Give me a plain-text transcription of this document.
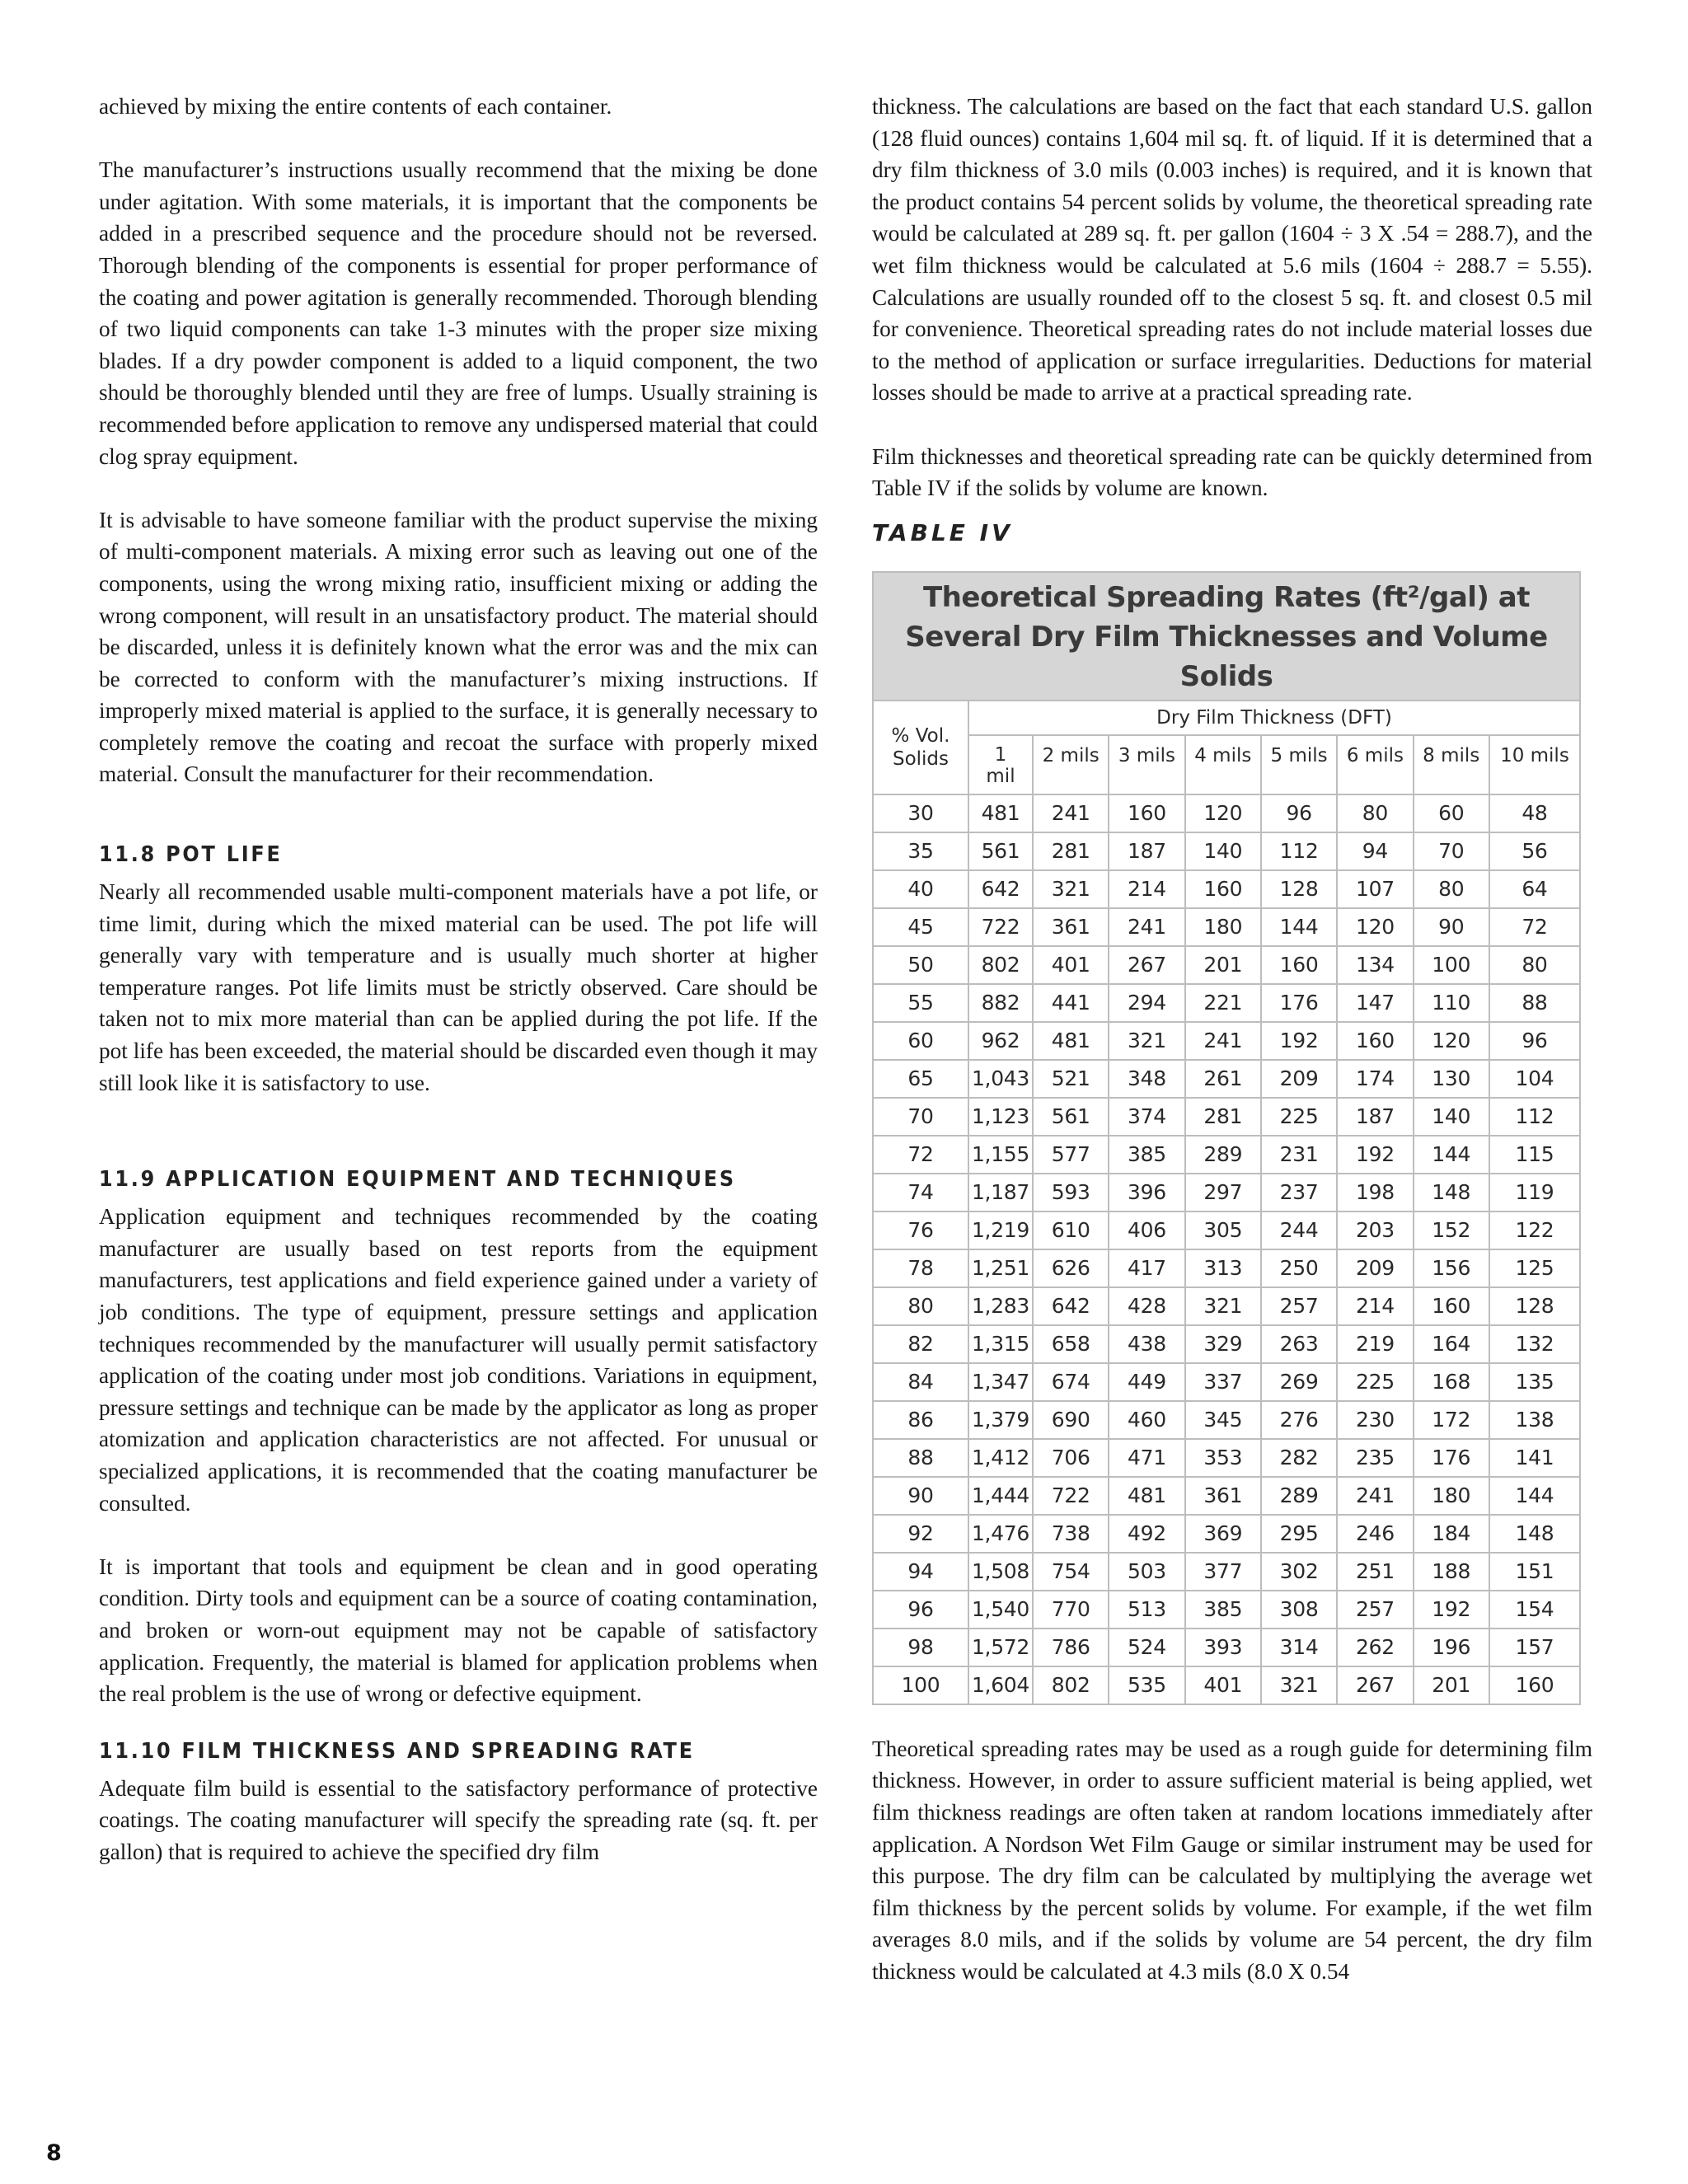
achieved by mixing the entire contents of each container.

The manufacturer’s instructions usually recommend that the mixing be done under agitation. With some materials, it is important that the components be added in a prescribed sequence and the procedure should not be reversed. Thorough blending of the components is essential for proper performance of the coating and power agitation is generally recommended. Thorough blending of two liquid components can take 1-3 minutes with the proper size mixing blades. If a dry powder component is added to a liquid component, the two should be thoroughly blended until they are free of lumps. Usually straining is recommended before application to remove any undispersed material that could clog spray equipment.

It is advisable to have someone familiar with the product supervise the mixing of multi-component materials. A mixing error such as leaving out one of the components, using the wrong mixing ratio, insufficient mixing or adding the wrong component, will result in an unsatisfactory product. The material should be discarded, unless it is definitely known what the error was and the mix can be corrected to conform with the manufacturer’s mixing instructions. If improperly mixed material is applied to the surface, it is generally necessary to completely remove the coating and recoat the surface with properly mixed material. Consult the manufacturer for their recommendation.

11.8 POT LIFE

Nearly all recommended usable multi-component materials have a pot life, or time limit, during which the mixed material can be used. The pot life will generally vary with temperature and is usually much shorter at higher temperature ranges. Pot life limits must be strictly observed. Care should be taken not to mix more material than can be applied during the pot life. If the pot life has been exceeded, the material should be discarded even though it may still look like it is satisfactory to use.

11.9 APPLICATION EQUIPMENT AND TECHNIQUES

Application equipment and techniques recommended by the coating manufacturer are usually based on test reports from the equipment manufacturers, test applications and field experience gained under a variety of job conditions. The type of equipment, pressure settings and application techniques recommended by the manufacturer will usually permit satisfactory application of the coating under most job conditions. Variations in equipment, pressure settings and technique can be made by the applicator as long as proper atomization and application characteristics are not affected. For unusual or specialized applications, it is recommended that the coating manufacturer be consulted.

It is important that tools and equipment be clean and in good operating condition. Dirty tools and equipment can be a source of coating contamination, and broken or worn-out equipment may not be capable of satisfactory application. Frequently, the material is blamed for application problems when the real problem is the use of wrong or defective equipment.

11.10 FILM THICKNESS AND SPREADING RATE

Adequate film build is essential to the satisfactory performance of protective coatings. The coating manufacturer will specify the spreading rate (sq. ft. per gallon) that is required to achieve the specified dry film

thickness. The calculations are based on the fact that each standard U.S. gallon (128 fluid ounces) contains 1,604 mil sq. ft. of liquid. If it is determined that a dry film thickness of 3.0 mils (0.003 inches) is required, and it is known that the product contains 54 percent solids by volume, the theoretical spreading rate would be calculated at 289 sq. ft. per gallon (1604 ÷ 3 X .54 = 288.7), and the wet film thickness would be calculated at 5.6 mils (1604 ÷ 288.7 = 5.55). Calculations are usually rounded off to the closest 5 sq. ft. and closest 0.5 mil for convenience. Theoretical spreading rates do not include material losses due to the method of application or surface irregularities. Deductions for material losses should be made to arrive at a practical spreading rate.

Film thicknesses and theoretical spreading rate can be quickly determined from Table IV if the solids by volume are known.

TABLE IV
Theoretical Spreading Rates (ft²/gal) at
Several Dry Film Thicknesses and Volume Solids								

% Vol.
Solids	Dry Film Thickness (DFT)							
	1 mil	2 mils	3 mils	4 mils	5 mils	6 mils	8 mils	10 mils
30	481	241	160	120	96	80	60	48
35	561	281	187	140	112	94	70	56
40	642	321	214	160	128	107	80	64
45	722	361	241	180	144	120	90	72
50	802	401	267	201	160	134	100	80
55	882	441	294	221	176	147	110	88
60	962	481	321	241	192	160	120	96
65	1,043	521	348	261	209	174	130	104
70	1,123	561	374	281	225	187	140	112
72	1,155	577	385	289	231	192	144	115
74	1,187	593	396	297	237	198	148	119
76	1,219	610	406	305	244	203	152	122
78	1,251	626	417	313	250	209	156	125
80	1,283	642	428	321	257	214	160	128
82	1,315	658	438	329	263	219	164	132
84	1,347	674	449	337	269	225	168	135
86	1,379	690	460	345	276	230	172	138
88	1,412	706	471	353	282	235	176	141
90	1,444	722	481	361	289	241	180	144
92	1,476	738	492	369	295	246	184	148
94	1,508	754	503	377	302	251	188	151
96	1,540	770	513	385	308	257	192	154
98	1,572	786	524	393	314	262	196	157
100	1,604	802	535	401	321	267	201	160

Theoretical spreading rates may be used as a rough guide for determining film thickness. However, in order to assure sufficient material is being applied, wet film thickness readings are often taken at random locations immediately after application. A Nordson Wet Film Gauge or similar instrument may be used for this purpose. The dry film can be calculated by multiplying the average wet film thickness by the percent solids by volume. For example, if the wet film averages 8.0 mils, and if the solids by volume are 54 percent, the dry film thickness would be calculated at 4.3 mils (8.0 X 0.54

8
